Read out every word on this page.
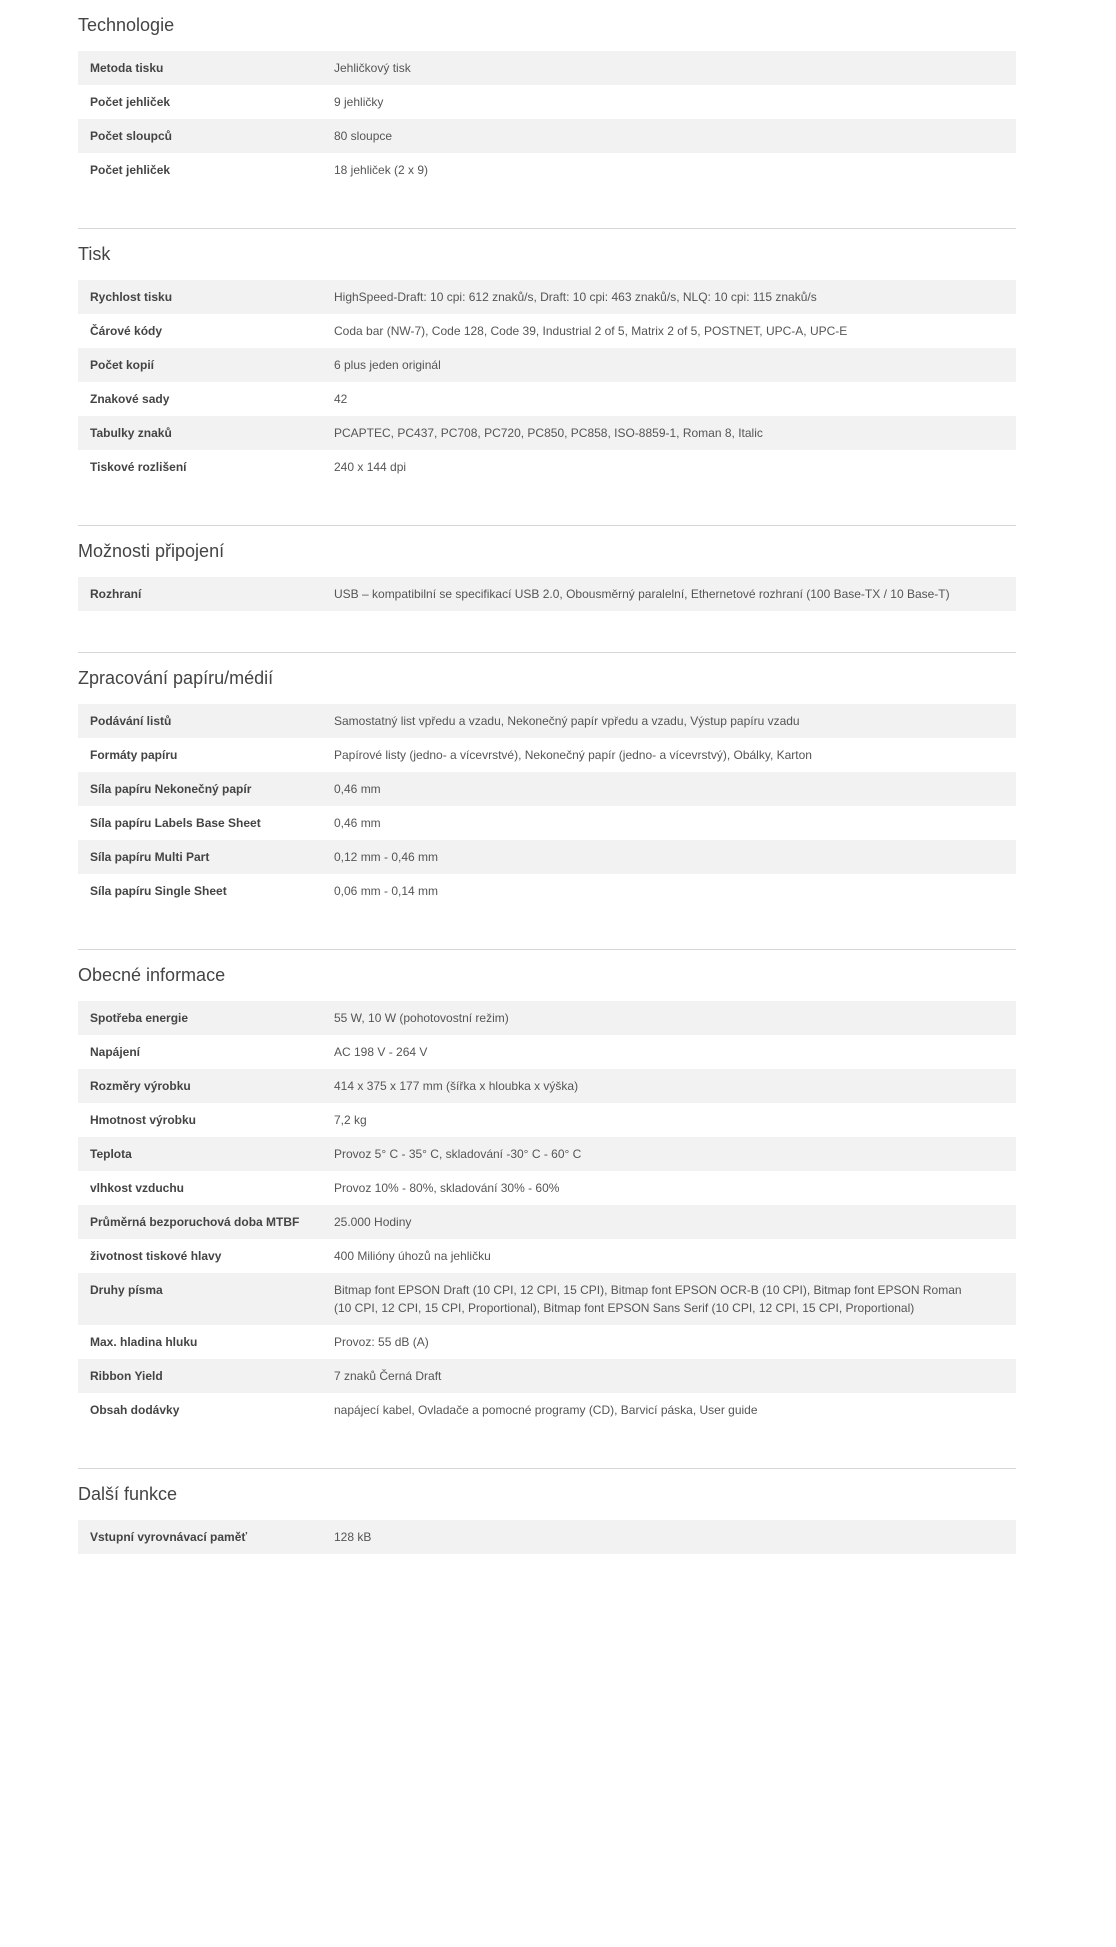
Technologie
Metoda tisku	Jehličkový tisk
Počet jehliček	9 jehličky
Počet sloupců	80 sloupce
Počet jehliček	18 jehliček (2 x 9)
Tisk
Rychlost tisku	HighSpeed-Draft: 10 cpi: 612 znaků/s, Draft: 10 cpi: 463 znaků/s, NLQ: 10 cpi: 115 znaků/s
Čárové kódy	Coda bar (NW-7), Code 128, Code 39, Industrial 2 of 5, Matrix 2 of 5, POSTNET, UPC-A, UPC-E
Počet kopií	6 plus jeden originál
Znakové sady	42
Tabulky znaků	PCAPTEC, PC437, PC708, PC720, PC850, PC858, ISO-8859-1, Roman 8, Italic
Tiskové rozlišení	240 x 144 dpi
Možnosti připojení
Rozhraní	USB – kompatibilní se specifikací USB 2.0, Obousměrný paralelní, Ethernetové rozhraní (100 Base-TX / 10 Base-T)
Zpracování papíru/médií
Podávání listů	Samostatný list vpředu a vzadu, Nekonečný papír vpředu a vzadu, Výstup papíru vzadu
Formáty papíru	Papírové listy (jedno- a vícevrstvé), Nekonečný papír (jedno- a vícevrstvý), Obálky, Karton
Síla papíru Nekonečný papír	0,46 mm
Síla papíru Labels Base Sheet	0,46 mm
Síla papíru Multi Part	0,12 mm - 0,46 mm
Síla papíru Single Sheet	0,06 mm - 0,14 mm
Obecné informace
Spotřeba energie	55 W, 10 W (pohotovostní režim)
Napájení	AC 198 V - 264 V
Rozměry výrobku	414 x 375 x 177 mm (šířka x hloubka x výška)
Hmotnost výrobku	7,2 kg
Teplota	Provoz 5° C - 35° C, skladování -30° C - 60° C
vlhkost vzduchu	Provoz 10% - 80%, skladování 30% - 60%
Průměrná bezporuchová doba MTBF	25.000 Hodiny
životnost tiskové hlavy	400 Milióny úhozů na jehličku
Druhy písma	Bitmap font EPSON Draft (10 CPI, 12 CPI, 15 CPI), Bitmap font EPSON OCR-B (10 CPI), Bitmap font EPSON Roman (10 CPI, 12 CPI, 15 CPI, Proportional), Bitmap font EPSON Sans Serif (10 CPI, 12 CPI, 15 CPI, Proportional)
Max. hladina hluku	Provoz: 55 dB (A)
Ribbon Yield	7 znaků Černá Draft
Obsah dodávky	napájecí kabel, Ovladače a pomocné programy (CD), Barvicí páska, User guide
Další funkce
Vstupní vyrovnávací paměť	128 kB
